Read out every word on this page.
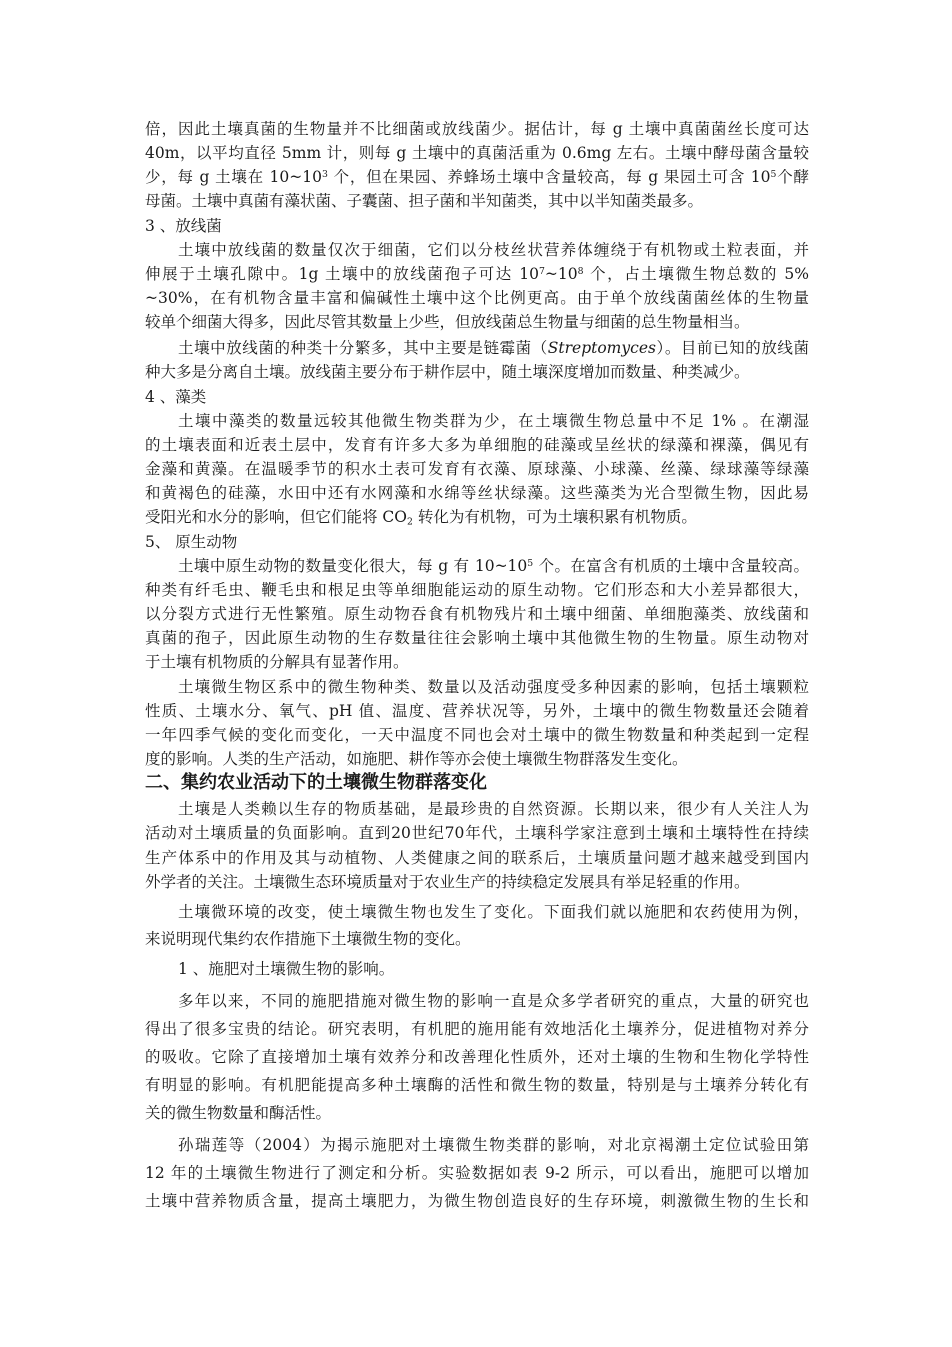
倍，因此土壤真菌的生物量并不比细菌或放线菌少。据估计，每 g 土壤中真菌菌丝长度可达
40m，以平均直径 5mm 计，则每 g 土壤中的真菌活重为 0.6mg 左右。土壤中酵母菌含量较
少，每 g 土壤在 $10\sim 10^3$ 个，但在果园、养蜂场土壤中含量较高，每 g 果园土可含 $10^5$个酵
母菌。土壤中真菌有藻状菌、子囊菌、担子菌和半知菌类，其中以半知菌类最多。
3 、放线菌
土壤中放线菌的数量仅次于细菌，它们以分枝丝状营养体缠绕于有机物或土粒表面，并
伸展于土壤孔隙中。1g 土壤中的放线菌孢子可达 $10^7\sim 10^8$ 个，占土壤微生物总数的 5%
~30%，在有机物含量丰富和偏碱性土壤中这个比例更高。由于单个放线菌菌丝体的生物量
较单个细菌大得多，因此尽管其数量上少些，但放线菌总生物量与细菌的总生物量相当。
土壤中放线菌的种类十分繁多，其中主要是链霉菌（Streptomyces）。目前已知的放线菌
种大多是分离自土壤。放线菌主要分布于耕作层中，随土壤深度增加而数量、种类减少。
4 、藻类
土壤中藻类的数量远较其他微生物类群为少，在土壤微生物总量中不足 1% 。在潮湿
的土壤表面和近表土层中，发育有许多大多为单细胞的硅藻或呈丝状的绿藻和裸藻，偶见有
金藻和黄藻。在温暖季节的积水土表可发育有衣藻、原球藻、小球藻、丝藻、绿球藻等绿藻
和黄褐色的硅藻，水田中还有水网藻和水绵等丝状绿藻。这些藻类为光合型微生物，因此易
受阳光和水分的影响，但它们能将 $CO_2$ 转化为有机物，可为土壤积累有机物质。
5、 原生动物
土壤中原生动物的数量变化很大，每 g 有 $10\sim 10^5$ 个。在富含有机质的土壤中含量较高。
种类有纤毛虫、鞭毛虫和根足虫等单细胞能运动的原生动物。它们形态和大小差异都很大，
以分裂方式进行无性繁殖。原生动物吞食有机物残片和土壤中细菌、单细胞藻类、放线菌和
真菌的孢子，因此原生动物的生存数量往往会影响土壤中其他微生物的生物量。原生动物对
于土壤有机物质的分解具有显著作用。
土壤微生物区系中的微生物种类、数量以及活动强度受多种因素的影响，包括土壤颗粒
性质、土壤水分、氧气、pH 值、温度、营养状况等，另外，土壤中的微生物数量还会随着
一年四季气候的变化而变化，一天中温度不同也会对土壤中的微生物数量和种类起到一定程
度的影响。人类的生产活动，如施肥、耕作等亦会使土壤微生物群落发生变化。
二、集约农业活动下的土壤微生物群落变化
土壤是人类赖以生存的物质基础，是最珍贵的自然资源。长期以来，很少有人关注人为
活动对土壤质量的负面影响。直到20世纪70年代，土壤科学家注意到土壤和土壤特性在持续
生产体系中的作用及其与动植物、人类健康之间的联系后，土壤质量问题才越来越受到国内
外学者的关注。土壤微生态环境质量对于农业生产的持续稳定发展具有举足轻重的作用。
土壤微环境的改变，使土壤微生物也发生了变化。下面我们就以施肥和农药使用为例，
来说明现代集约农作措施下土壤微生物的变化。
1 、施肥对土壤微生物的影响。
多年以来，不同的施肥措施对微生物的影响一直是众多学者研究的重点，大量的研究也
得出了很多宝贵的结论。研究表明，有机肥的施用能有效地活化土壤养分，促进植物对养分
的吸收。它除了直接增加土壤有效养分和改善理化性质外，还对土壤的生物和生物化学特性
有明显的影响。有机肥能提高多种土壤酶的活性和微生物的数量，特别是与土壤养分转化有
关的微生物数量和酶活性。
孙瑞莲等（2004）为揭示施肥对土壤微生物类群的影响，对北京褐潮土定位试验田第
12 年的土壤微生物进行了测定和分析。实验数据如表 9-2 所示，可以看出，施肥可以增加
土壤中营养物质含量，提高土壤肥力，为微生物创造良好的生存环境，刺激微生物的生长和
